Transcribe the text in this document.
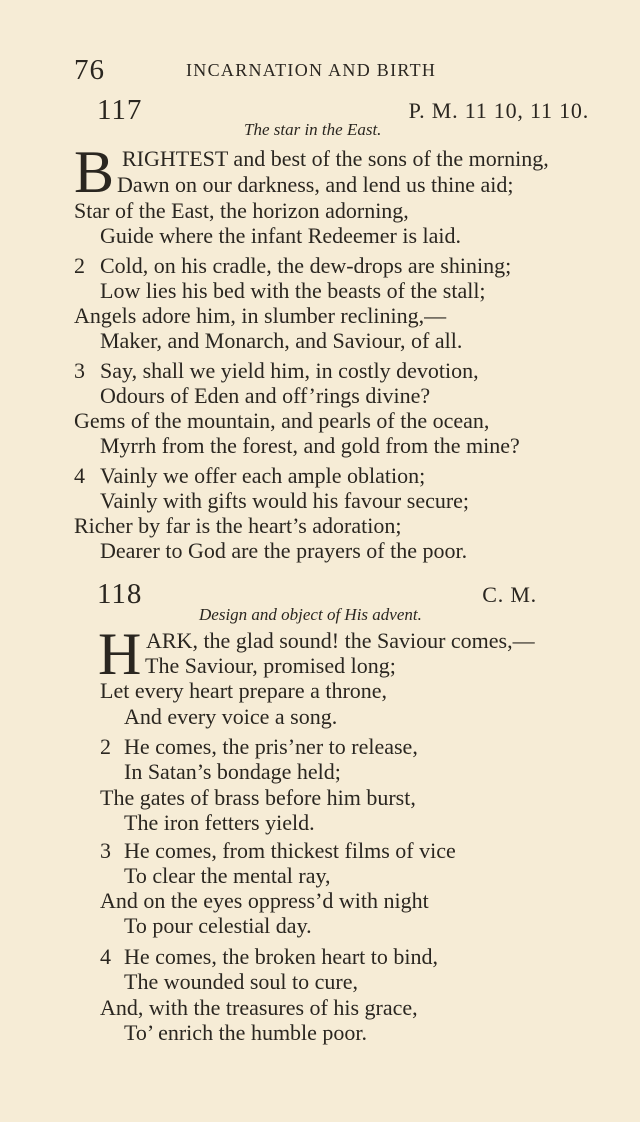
76	INCARNATION AND BIRTH
117	P. M. 11 10, 11 10.
The star in the East.
B RIGHTEST and best of the sons of the morning,
Dawn on our darkness, and lend us thine aid;
Star of the East, the horizon adorning,
Guide where the infant Redeemer is laid.
2 Cold, on his cradle, the dew-drops are shining;
Low lies his bed with the beasts of the stall;
Angels adore him, in slumber reclining,—
Maker, and Monarch, and Saviour, of all.
3 Say, shall we yield him, in costly devotion,
Odours of Eden and off’rings divine?
Gems of the mountain, and pearls of the ocean,
Myrrh from the forest, and gold from the mine?
4 Vainly we offer each ample oblation;
Vainly with gifts would his favour secure;
Richer by far is the heart’s adoration;
Dearer to God are the prayers of the poor.
118	C. M.
Design and object of His advent.
H ARK, the glad sound! the Saviour comes,—
The Saviour, promised long;
Let every heart prepare a throne,
And every voice a song.
2 He comes, the pris’ner to release,
In Satan’s bondage held;
The gates of brass before him burst,
The iron fetters yield.
3 He comes, from thickest films of vice
To clear the mental ray,
And on the eyes oppress’d with night
To pour celestial day.
4 He comes, the broken heart to bind,
The wounded soul to cure,
And, with the treasures of his grace,
To’ enrich the humble poor.
